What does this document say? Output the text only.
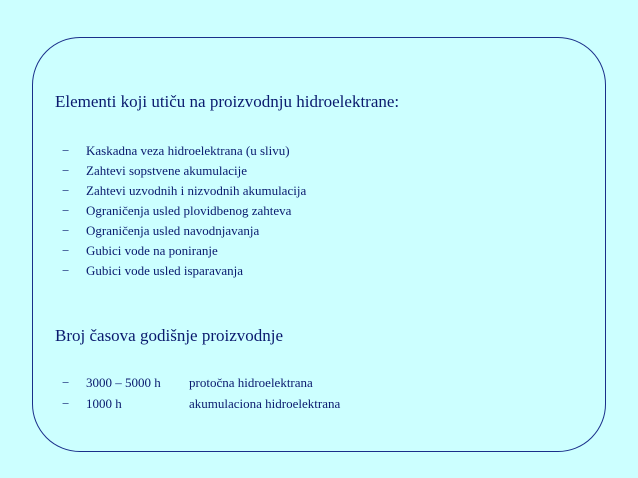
Elementi koji utiču na proizvodnju hidroelektrane:
−	Kaskadna veza hidroelektrana (u slivu)
−	Zahtevi sopstvene akumulacije
−	Zahtevi uzvodnih i nizvodnih akumulacija
−	Ograničenja usled plovidbenog zahteva
−	Ograničenja usled navodnjavanja
−	Gubici vode na poniranje
−	Gubici vode usled isparavanja
Broj časova godišnje proizvodnje
−	3000 – 5000 h	protočna hidroelektrana
−	1000 h	akumulaciona hidroelektrana
